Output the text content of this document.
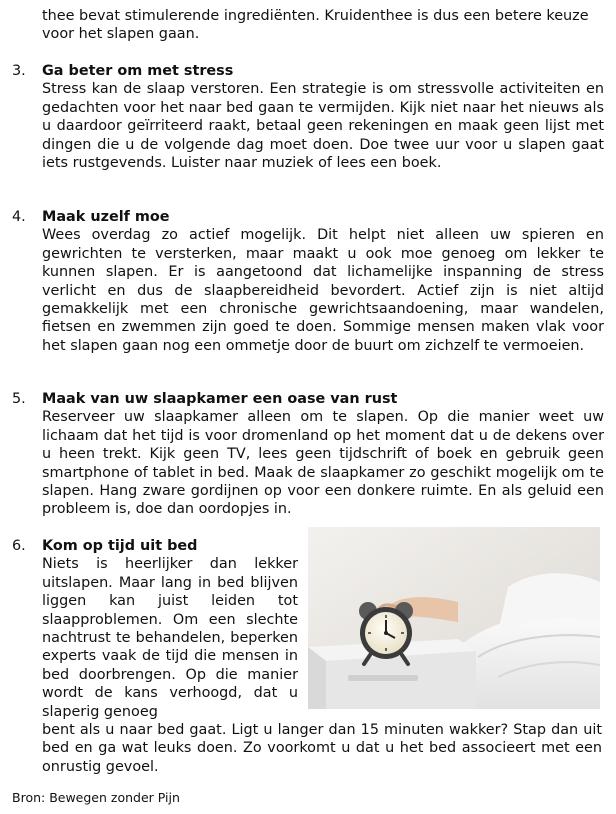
thee bevat stimulerende ingrediënten. Kruidenthee is dus een betere keuze voor het slapen gaan.
3.	Ga beter om met stress
Stress kan de slaap verstoren. Een strategie is om stressvolle activiteiten en gedachten voor het naar bed gaan te vermijden. Kijk niet naar het nieuws als u daardoor geïrriteerd raakt, betaal geen rekeningen en maak geen lijst met dingen die u de volgende dag moet doen. Doe twee uur voor u slapen gaat iets rustgevends. Luister naar muziek of lees een boek.
4.	Maak uzelf moe
Wees overdag zo actief mogelijk. Dit helpt niet alleen uw spieren en gewrichten te versterken, maar maakt u ook moe genoeg om lekker te kunnen slapen. Er is aangetoond dat lichamelijke inspanning de stress verlicht en dus de slaapbereidheid bevordert. Actief zijn is niet altijd gemakkelijk met een chronische gewrichtsaandoening, maar wandelen, fietsen en zwemmen zijn goed te doen. Sommige mensen maken vlak voor het slapen gaan nog een ommetje door de buurt om zichzelf te vermoeien.
5.	Maak van uw slaapkamer een oase van rust
Reserveer uw slaapkamer alleen om te slapen. Op die manier weet uw lichaam dat het tijd is voor dromenland op het moment dat u de dekens over u heen trekt. Kijk geen TV, lees geen tijdschrift of boek en gebruik geen smartphone of tablet in bed. Maak de slaapkamer zo geschikt mogelijk om te slapen. Hang zware gordijnen op voor een donkere ruimte. En als geluid een probleem is, doe dan oordopjes in.
6.	Kom op tijd uit bed
Niets is heerlijker dan lekker uitslapen. Maar lang in bed blijven liggen kan juist leiden tot slaapproblemen. Om een slechte nachtrust te behandelen, beperken experts vaak de tijd die mensen in bed doorbrengen. Op die manier wordt de kans verhoogd, dat u slaperig genoeg
bent als u naar bed gaat. Ligt u langer dan 15 minuten wakker? Stap dan uit bed en ga wat leuks doen. Zo voorkomt u dat u het bed associeert met een onrustig gevoel.
Bron: Bewegen zonder Pijn
